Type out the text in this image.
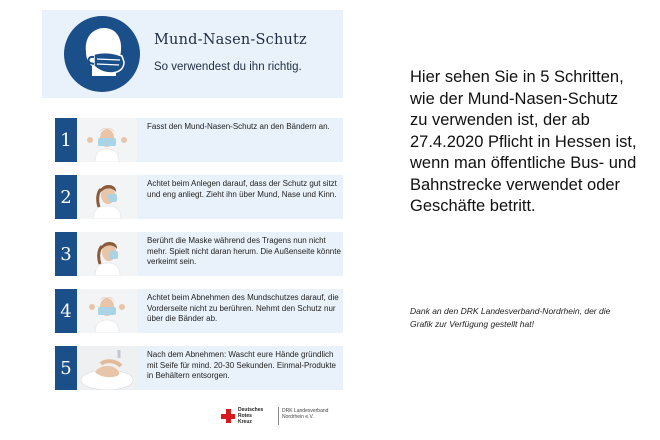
Mund-Nasen-Schutz
So verwendest du ihn richtig.
1
Fasst den Mund-Nasen-Schutz an den Bändern an.
2
Achtet beim Anlegen darauf, dass der Schutz gut sitzt und eng anliegt. Zieht ihn über Mund, Nase und Kinn.
3
Berührt die Maske während des Tragens nun nicht mehr. Spielt nicht daran herum. Die Außenseite könnte verkeimt sein.
4
Achtet beim Abnehmen des Mundschutzes darauf, die Vorderseite nicht zu berühren. Nehmt den Schutz nur über die Bänder ab.
5
Nach dem Abnehmen: Wascht eure Hände gründlich mit Seife für mind. 20-30 Sekunden. Einmal-Produkte in Behältern entsorgen.
Deutsches
Rotes
Kreuz
DRK Landesverband
Nordrhein e.V.
Hier sehen Sie in 5 Schritten, wie der Mund-Nasen-Schutz zu verwenden ist, der ab 27.4.2020 Pflicht in Hessen ist, wenn man öffentliche Bus- und Bahnstrecke verwendet oder Geschäfte betritt.
Dank an den DRK Landesverband-Nordrhein, der die Grafik zur Verfügung gestellt hat!
